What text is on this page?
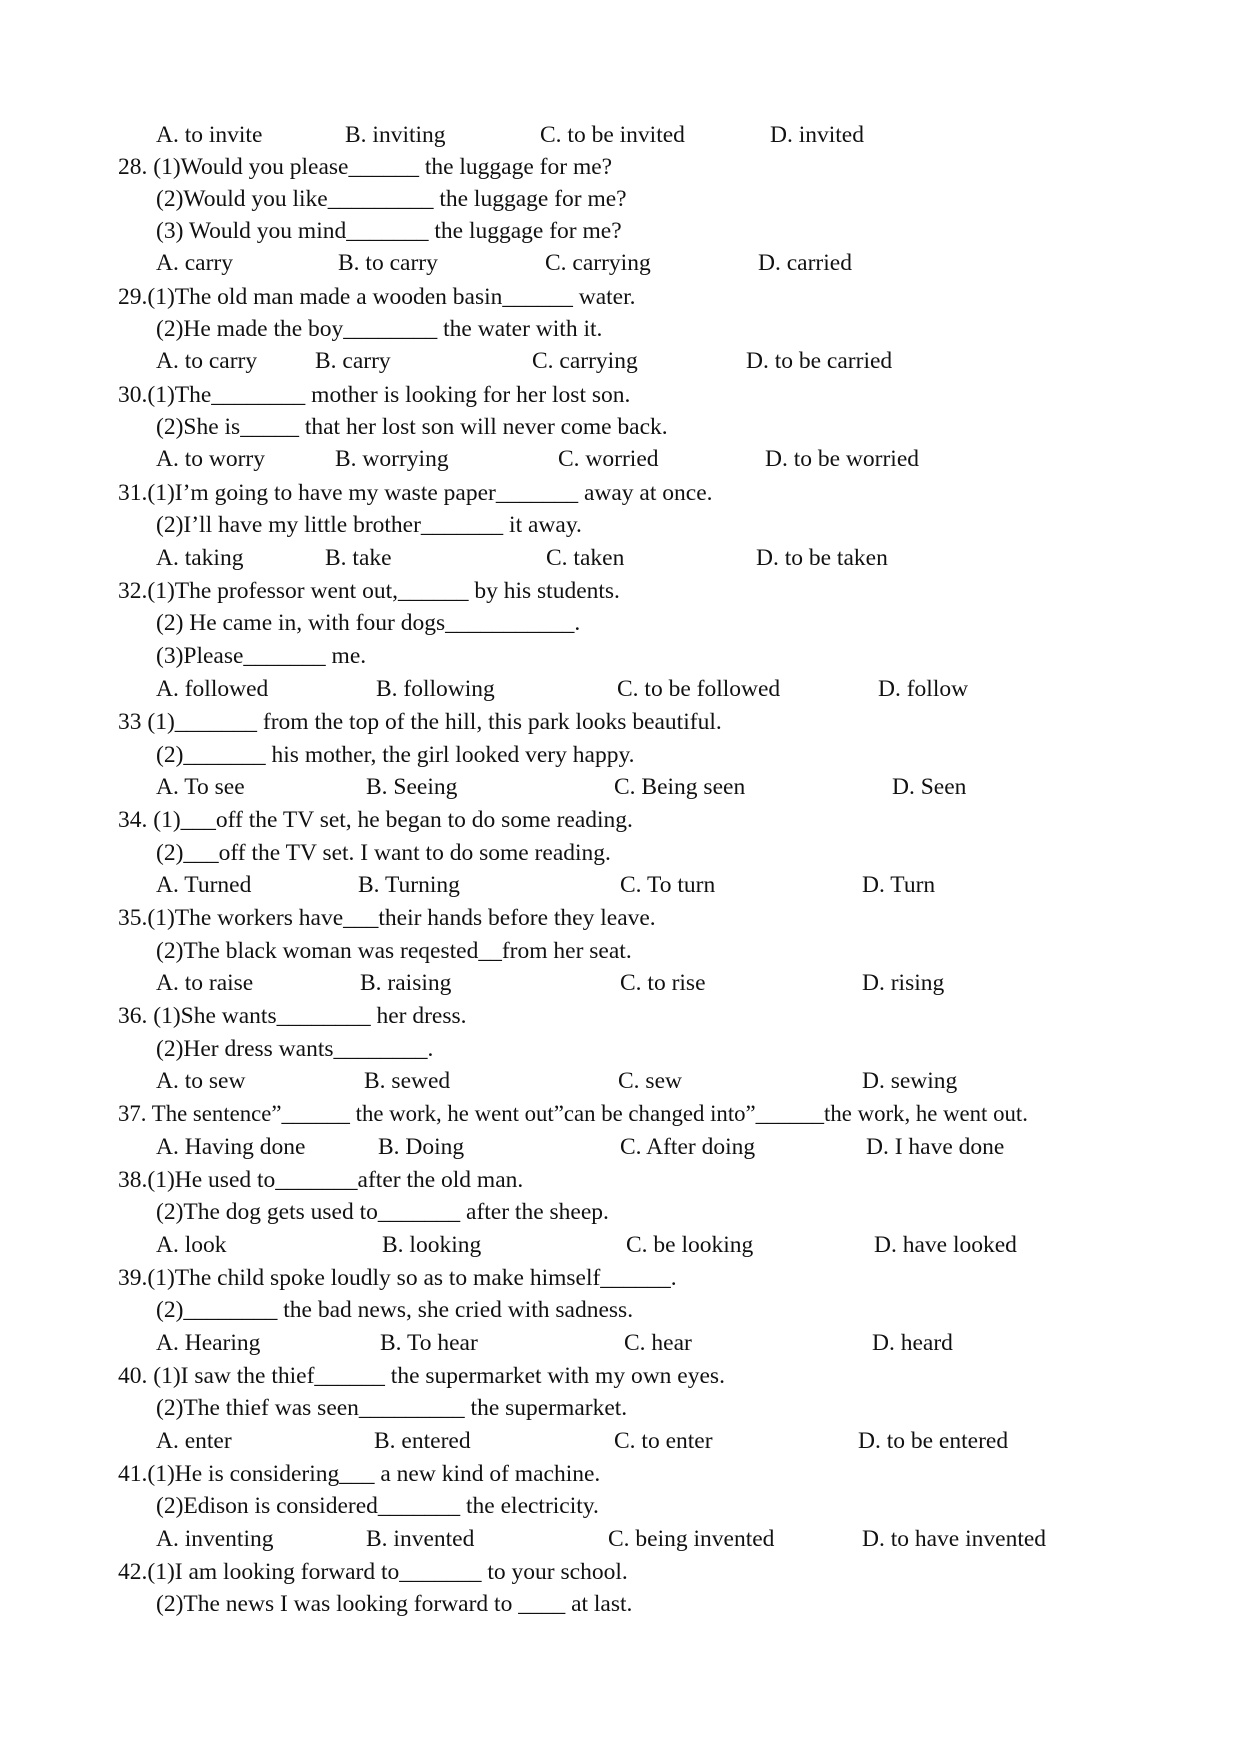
A. to invite	B. inviting	C. to be invited	D. invited
28. (1)Would you please______ the luggage for me?
(2)Would you like_________ the luggage for me?
(3) Would you mind_______ the luggage for me?
A. carry	B. to carry	C. carrying	D. carried
29.(1)The old man made a wooden basin______ water.
(2)He made the boy________ the water with it.
A. to carry B. carry	C. carrying	D. to be carried
30.(1)The________ mother is looking for her lost son.
(2)She is_____ that her lost son will never come back.
A. to worry	B. worrying	C. worried	D. to be worried
31.(1)I’m going to have my waste paper_______ away at once.
(2)I’ll have my little brother_______ it away.
A. taking	B. take	C. taken	D. to be taken
32.(1)The professor went out,______ by his students.
(2) He came in, with four dogs___________.
(3)Please_______ me.
A. followed	B. following	C. to be followed	D. follow
33 (1)_______ from the top of the hill, this park looks beautiful.
(2)_______ his mother, the girl looked very happy.
A. To see	B. Seeing	C. Being seen	D. Seen
34. (1)___off the TV set, he began to do some reading.
(2)___off the TV set. I want to do some reading.
A. Turned	B. Turning	C. To turn	D. Turn
35.(1)The workers have___their hands before they leave.
(2)The black woman was reqested__from her seat.
A. to raise	B. raising	C. to rise	D. rising
36. (1)She wants________ her dress.
(2)Her dress wants________.
A. to sew	B. sewed	C. sew	D. sewing
37. The sentence”______ the work, he went out”can be changed into”______the work, he went out.
A. Having done	B. Doing	C. After doing	D. I have done
38.(1)He used to_______after the old man.
(2)The dog gets used to_______ after the sheep.
A. look	B. looking	C. be looking	D. have looked
39.(1)The child spoke loudly so as to make himself______.
(2)________ the bad news, she cried with sadness.
A. Hearing	B. To hear	C. hear	D. heard
40. (1)I saw the thief______ the supermarket with my own eyes.
(2)The thief was seen_________ the supermarket.
A. enter	B. entered	C. to enter	D. to be entered
41.(1)He is considering___ a new kind of machine.
(2)Edison is considered_______ the electricity.
A. inventing	B. invented	C. being invented	D. to have invented
42.(1)I am looking forward to_______ to your school.
(2)The news I was looking forward to ____ at last.
